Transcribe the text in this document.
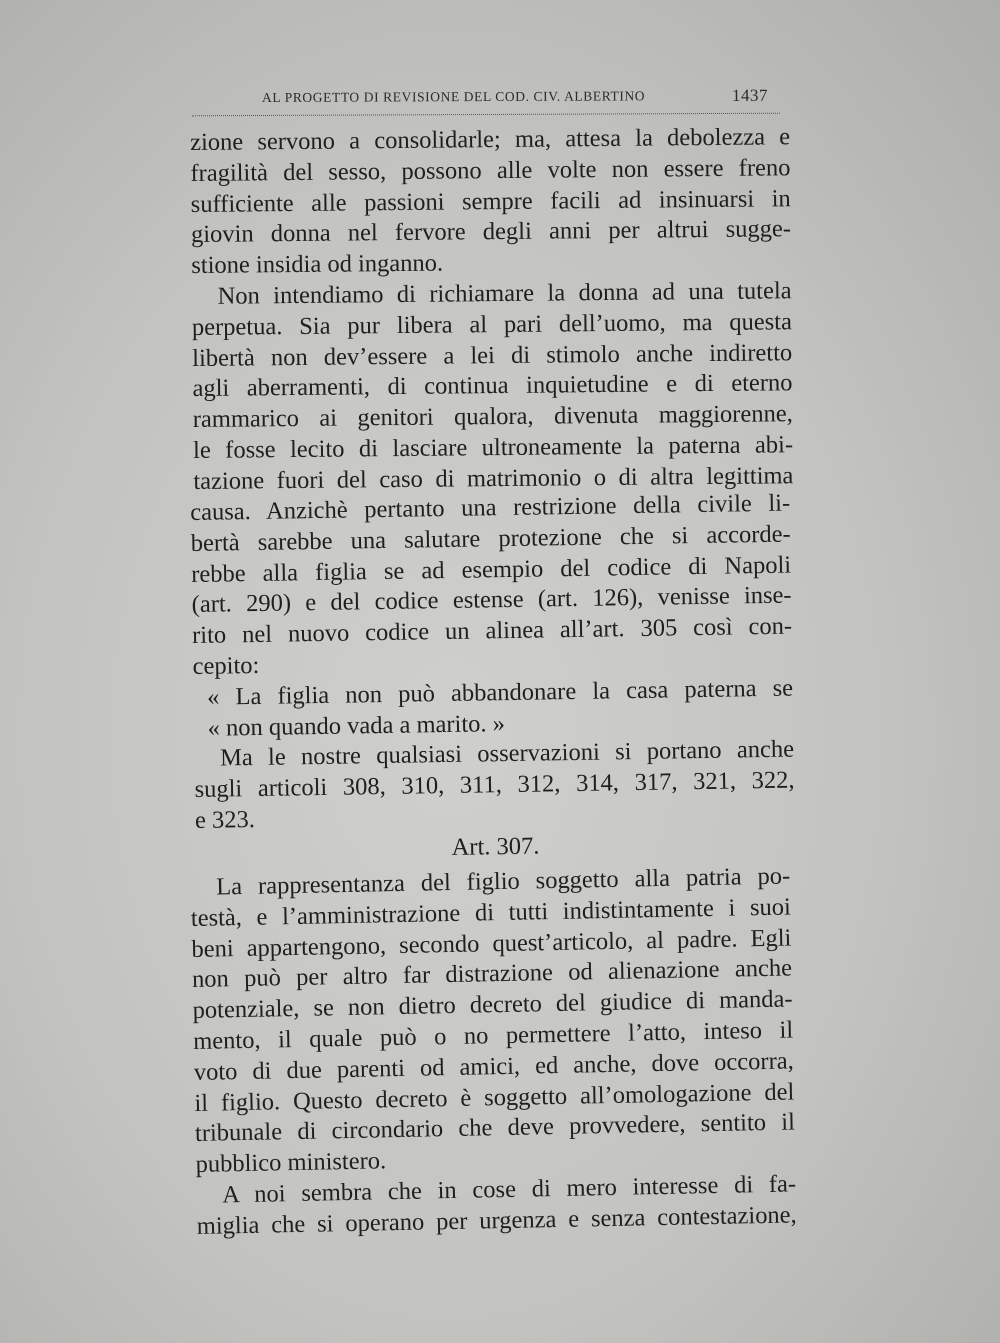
AL PROGETTO DI REVISIONE DEL COD. CIV. ALBERTINO	1437
zione servono a consolidarle; ma, attesa la debolezza e
fragilità del sesso, possono alle volte non essere freno
sufficiente alle passioni sempre facili ad insinuarsi in
giovin donna nel fervore degli anni per altrui sugge-
stione insidia od inganno.
Non intendiamo di richiamare la donna ad una tutela
perpetua. Sia pur libera al pari dell’uomo, ma questa
libertà non dev’essere a lei di stimolo anche indiretto
agli aberramenti, di continua inquietudine e di eterno
rammarico ai genitori qualora, divenuta maggiorenne,
le fosse lecito di lasciare ultroneamente la paterna abi-
tazione fuori del caso di matrimonio o di altra legittima
causa. Anzichè pertanto una restrizione della civile li-
bertà sarebbe una salutare protezione che si accorde-
rebbe alla figlia se ad esempio del codice di Napoli
(art. 290) e del codice estense (art. 126), venisse inse-
rito nel nuovo codice un alinea all’art. 305 così con-
cepito:
« La figlia non può abbandonare la casa paterna se
« non quando vada a marito. »
Ma le nostre qualsiasi osservazioni si portano anche
sugli articoli 308, 310, 311, 312, 314, 317, 321, 322,
e 323.
Art. 307.
La rappresentanza del figlio soggetto alla patria po-
testà, e l’amministrazione di tutti indistintamente i suoi
beni appartengono, secondo quest’articolo, al padre. Egli
non può per altro far distrazione od alienazione anche
potenziale, se non dietro decreto del giudice di manda-
mento, il quale può o no permettere l’atto, inteso il
voto di due parenti od amici, ed anche, dove occorra,
il figlio. Questo decreto è soggetto all’omologazione del
tribunale di circondario che deve provvedere, sentito il
pubblico ministero.
A noi sembra che in cose di mero interesse di fa-
miglia che si operano per urgenza e senza contestazione,
